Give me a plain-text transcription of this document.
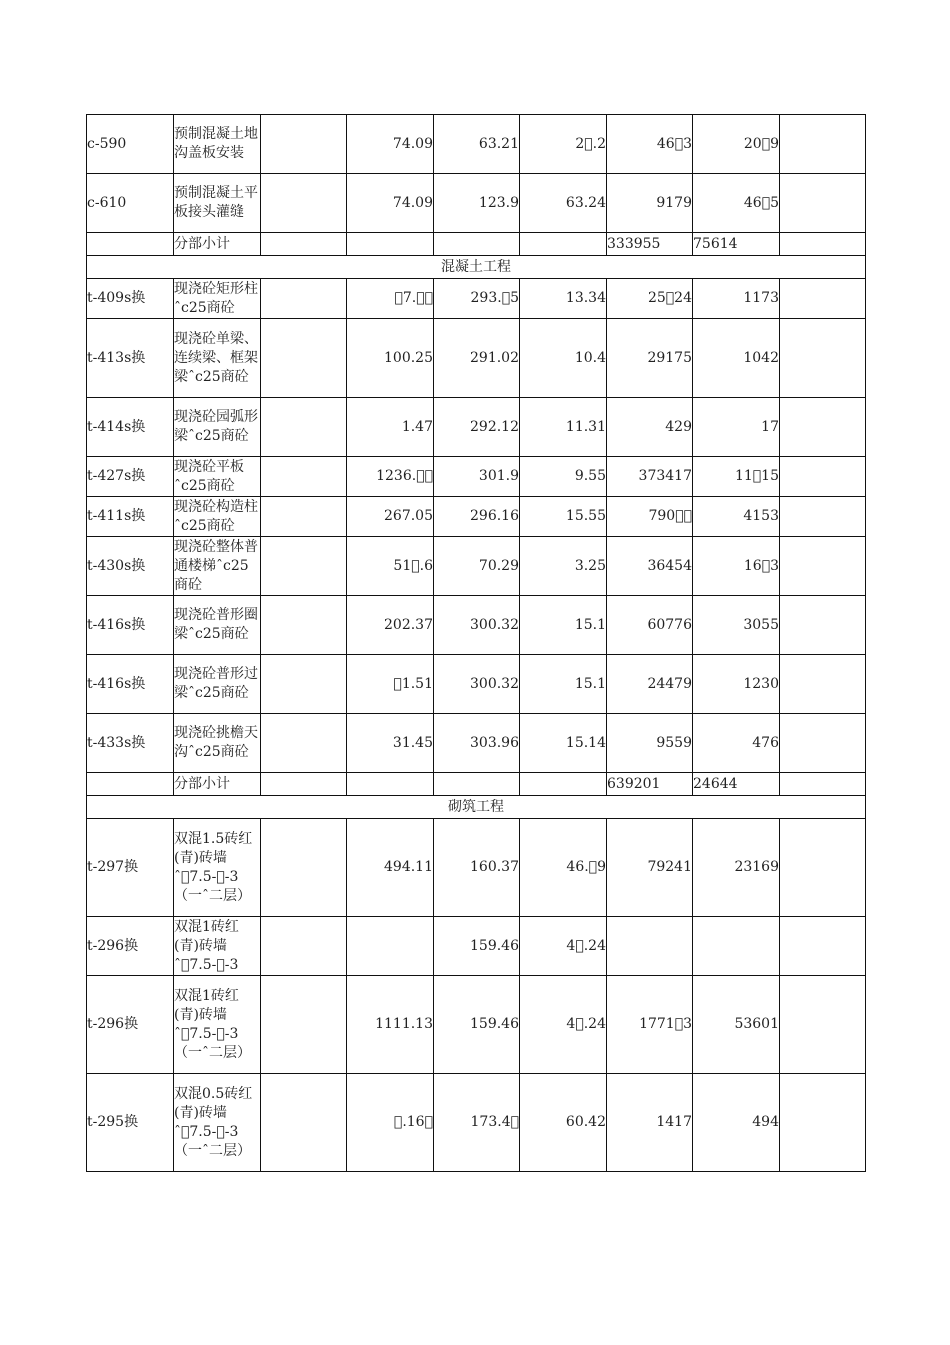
c-590	预制混凝土地沟盖板安装		74.09	63.21	2 .2	46 3	20 9	
c-610	预制混凝土平板接头灌缝		74.09	123.9	63.24	9179	46 5	
	分部小计					333955	75614	
混凝土工程								
t-409s换	现浇砼矩形柱ˆc25商砼		 7.  	293. 5	13.34	25 24	1173	
t-413s换	现浇砼单梁、连续梁、框架梁ˆc25商砼		100.25	291.02	10.4	29175	1042	
t-414s换	现浇砼园弧形梁ˆc25商砼		1.47	292.12	11.31	429	17	
t-427s换	现浇砼平板ˆc25商砼		1236.  	301.9	9.55	373417	11 15	
t-411s换	现浇砼构造柱ˆc25商砼		267.05	296.16	15.55	790  	4153	
t-430s换	现浇砼整体普通楼梯ˆc25商砼		51 .6	70.29	3.25	36454	16 3	
t-416s换	现浇砼普形圈梁ˆc25商砼		202.37	300.32	15.1	60776	3055	
t-416s换	现浇砼普形过梁ˆc25商砼		 1.51	300.32	15.1	24479	1230	
t-433s换	现浇砼挑檐天沟ˆc25商砼		31.45	303.96	15.14	9559	476	
	分部小计					639201	24644	
砌筑工程								
t-297换	双混1.5砖红(青)砖墙ˆ 7.5- -3（一ˆ二层）		494.11	160.37	46. 9	79241	23169	
t-296换	双混1砖红(青)砖墙ˆ 7.5- -3			159.46	4 .24			
t-296换	双混1砖红(青)砖墙ˆ 7.5- -3（一ˆ二层）		1111.13	159.46	4 .24	1771 3	53601	
t-295换	双混0.5砖红(青)砖墙ˆ 7.5- -3（一ˆ二层）		 .16 	173.4 	60.42	1417	494	
